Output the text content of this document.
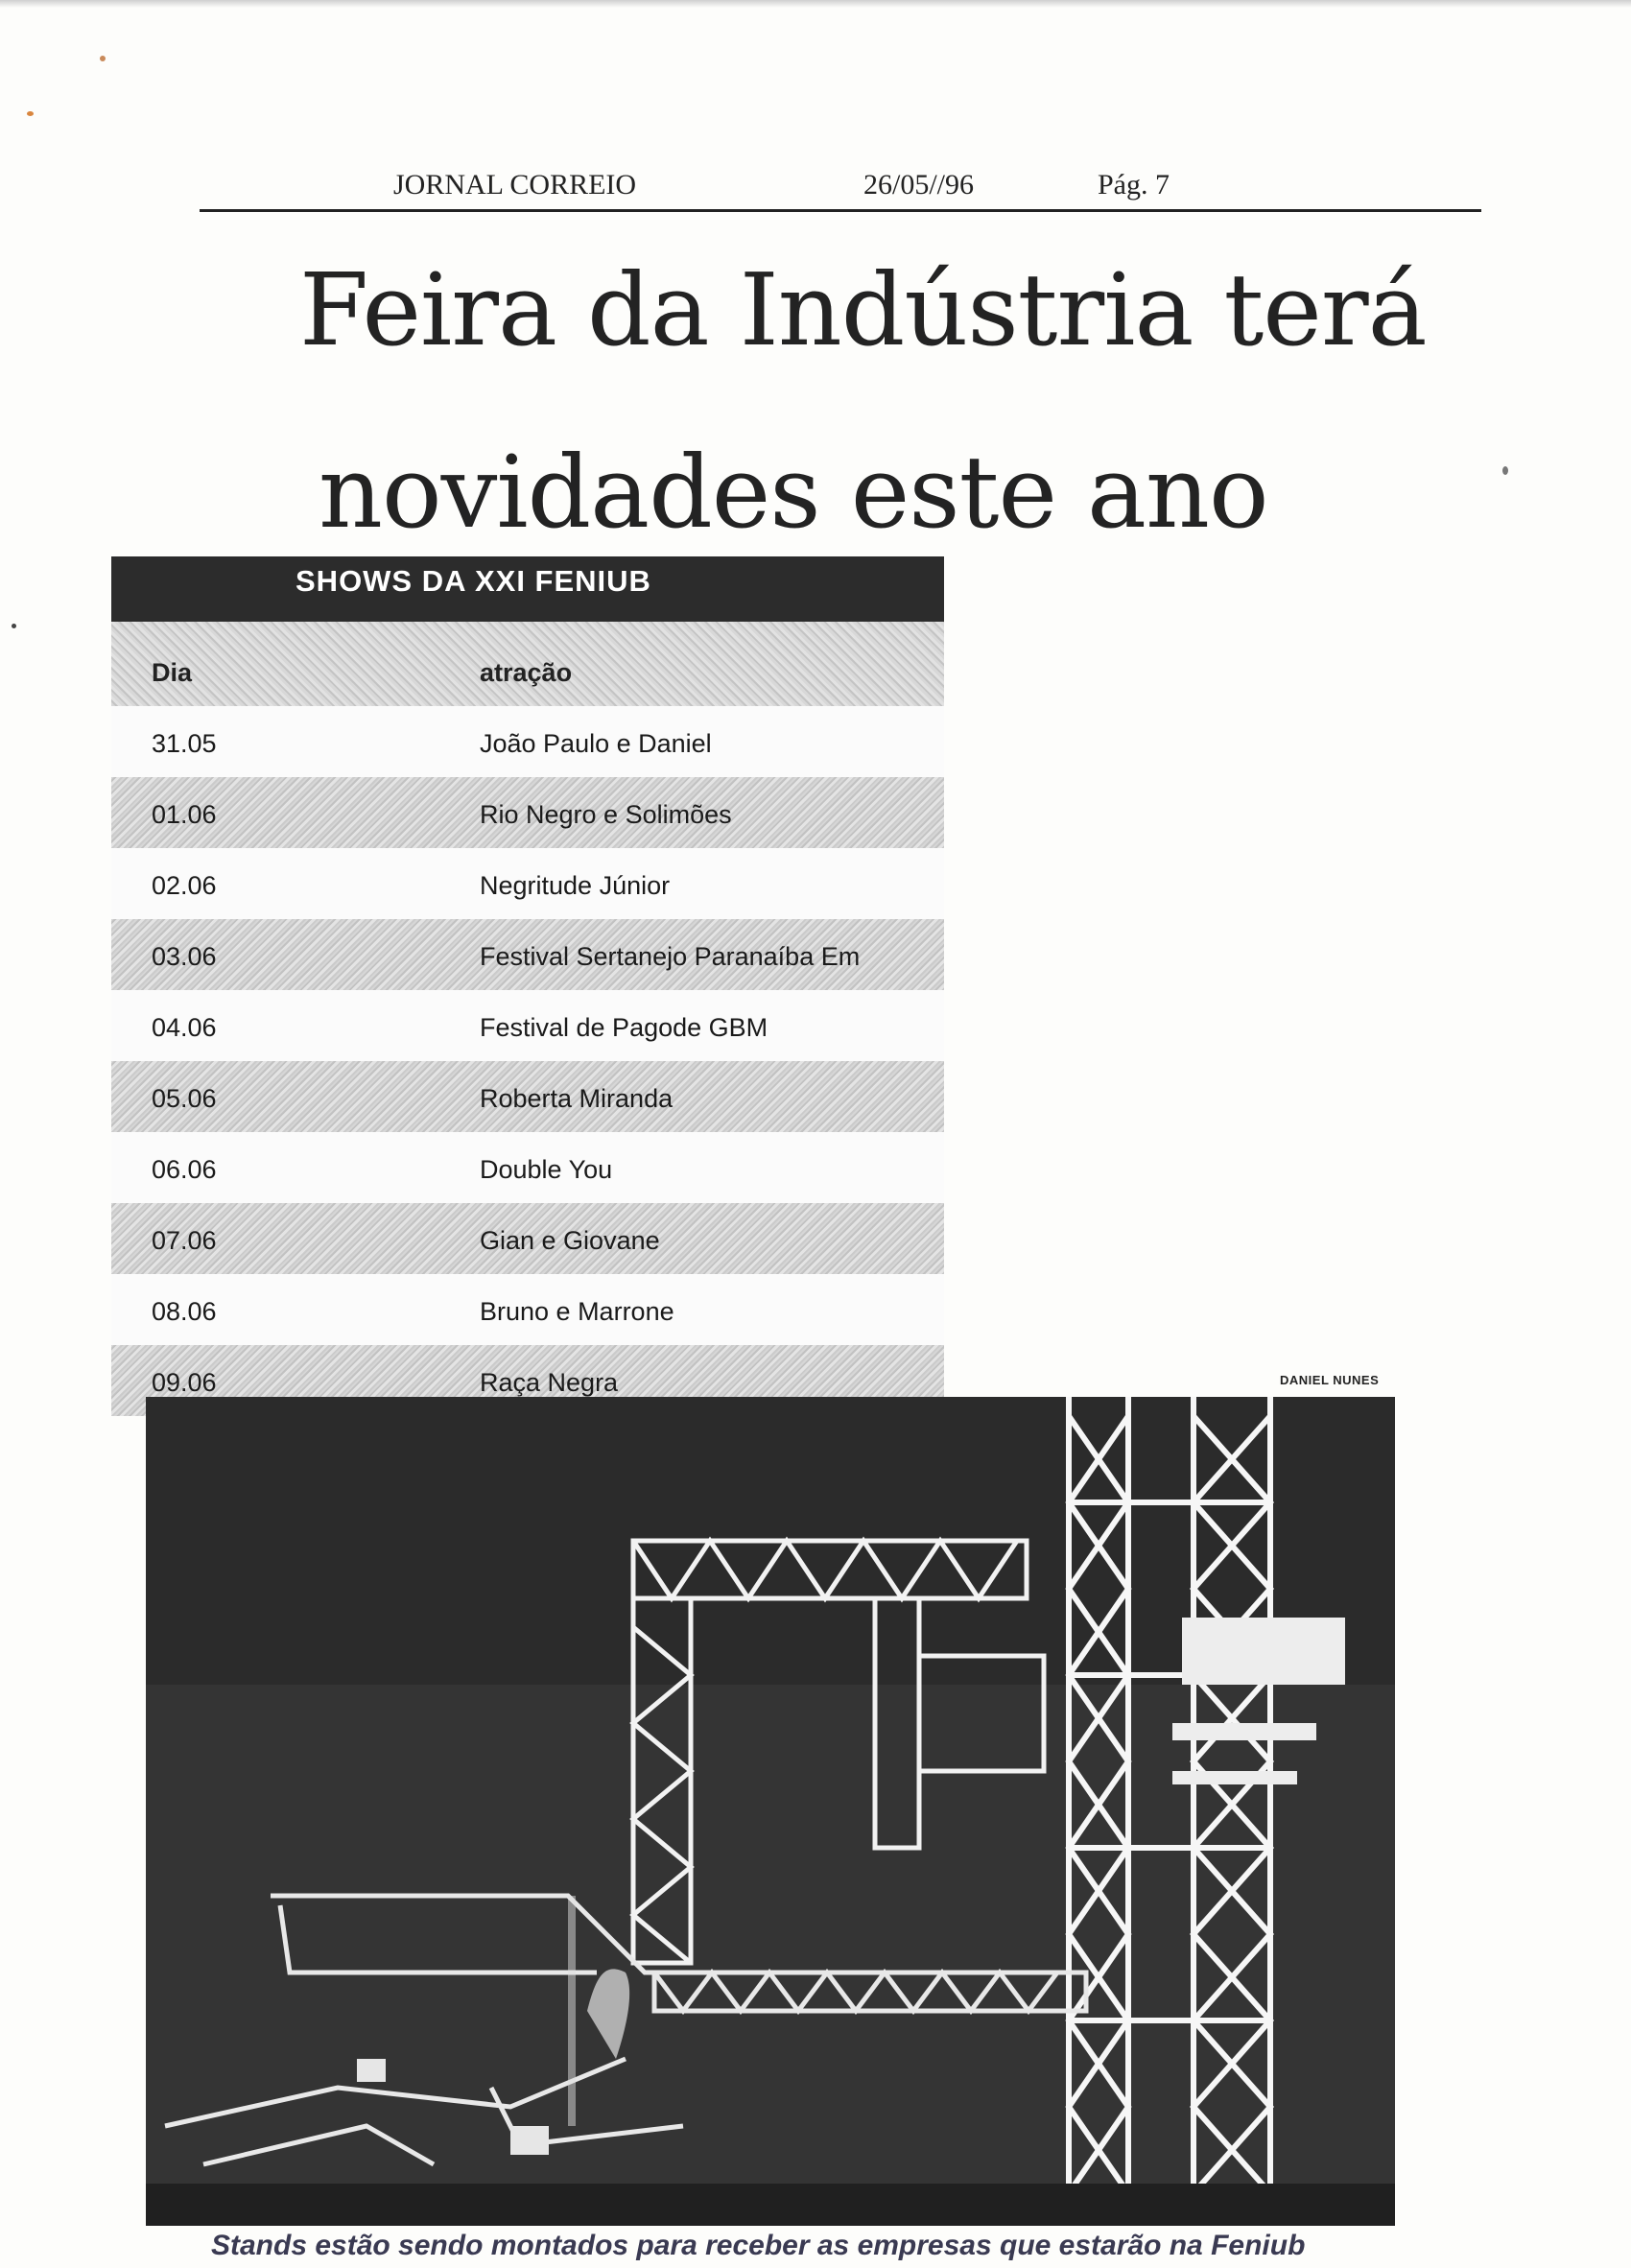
JORNAL CORREIO	26/05//96	Pág. 7
Feira da Indústria terá
novidades este ano
SHOWS DA XXI FENIUB
Dia	atração
31.05	João Paulo e Daniel
01.06	Rio Negro e Solimões
02.06	Negritude Júnior
03.06	Festival Sertanejo Paranaíba Em
04.06	Festival de Pagode GBM
05.06	Roberta Miranda
06.06	Double You
07.06	Gian e Giovane
08.06	Bruno e Marrone
09.06	Raça Negra	DANIEL NUNES
Stands estão sendo montados para receber as empresas que estarão na Feniub
